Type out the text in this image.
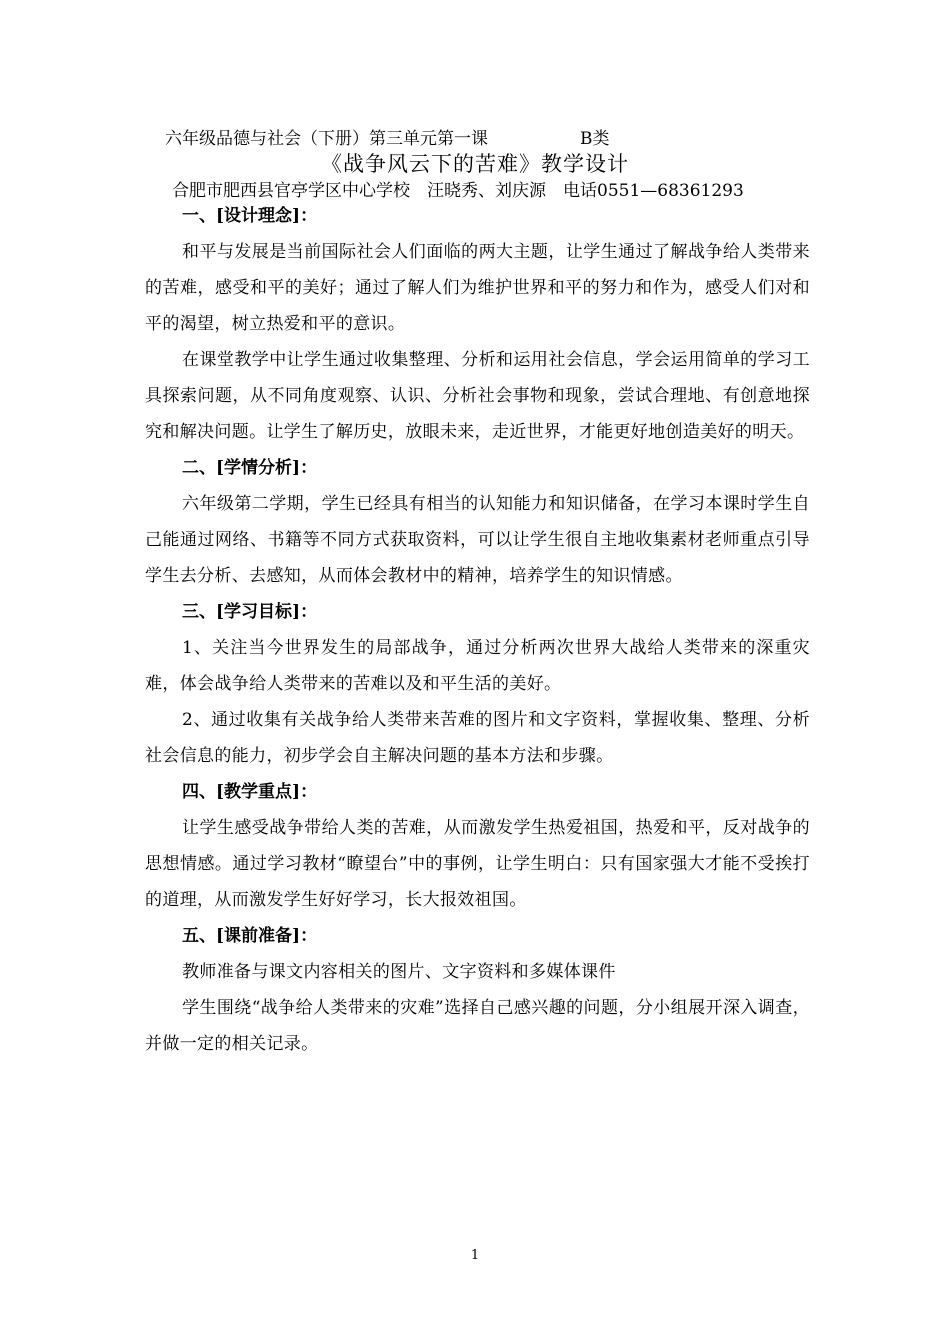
六年级品德与社会（下册）第三单元第一课	B类
《战争风云下的苦难》教学设计
合肥市肥西县官亭学区中心学校　汪晓秀、刘庆源　电话0551—68361293

一、[设计理念]：

和平与发展是当前国际社会人们面临的两大主题，让学生通过了解战争给人类带来的苦难，感受和平的美好；通过了解人们为维护世界和平的努力和作为，感受人们对和平的渴望，树立热爱和平的意识。

在课堂教学中让学生通过收集整理、分析和运用社会信息，学会运用简单的学习工具探索问题，从不同角度观察、认识、分析社会事物和现象，尝试合理地、有创意地探究和解决问题。让学生了解历史，放眼未来，走近世界，才能更好地创造美好的明天。

二、[学情分析]：

六年级第二学期，学生已经具有相当的认知能力和知识储备，在学习本课时学生自己能通过网络、书籍等不同方式获取资料，可以让学生很自主地收集素材老师重点引导学生去分析、去感知，从而体会教材中的精神，培养学生的知识情感。

三、[学习目标]：

1、关注当今世界发生的局部战争，通过分析两次世界大战给人类带来的深重灾难，体会战争给人类带来的苦难以及和平生活的美好。

2、通过收集有关战争给人类带来苦难的图片和文字资料，掌握收集、整理、分析社会信息的能力，初步学会自主解决问题的基本方法和步骤。

四、[教学重点]：

让学生感受战争带给人类的苦难，从而激发学生热爱祖国，热爱和平，反对战争的思想情感。通过学习教材“瞭望台”中的事例，让学生明白：只有国家强大才能不受挨打的道理，从而激发学生好好学习，长大报效祖国。

五、[课前准备]：

教师准备与课文内容相关的图片、文字资料和多媒体课件

学生围绕“战争给人类带来的灾难”选择自己感兴趣的问题，分小组展开深入调查，并做一定的相关记录。

1
